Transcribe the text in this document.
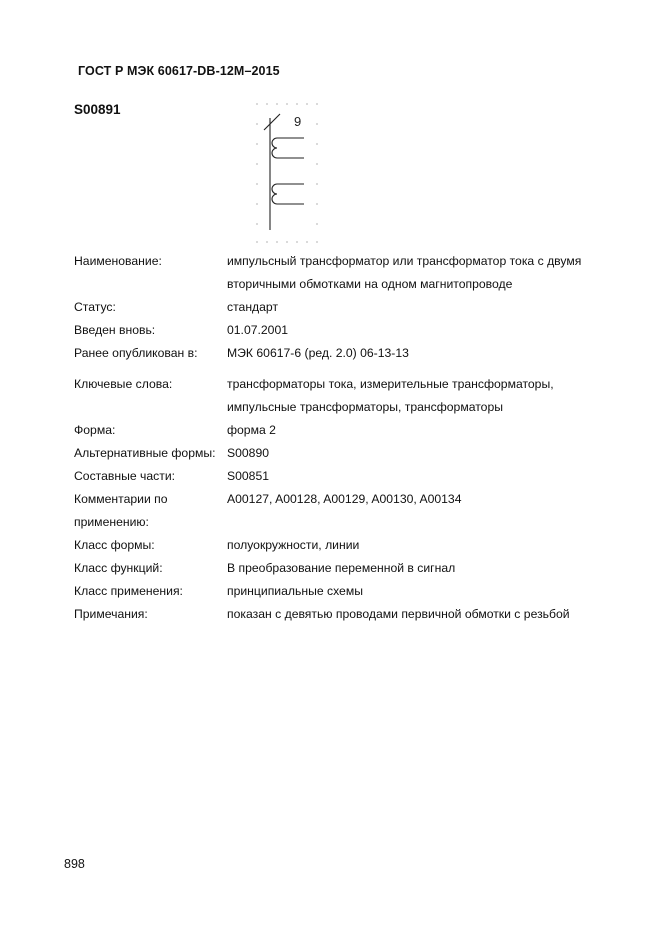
ГОСТ Р МЭК 60617-DB-12M–2015
S00891
9
Наименование:	импульсный трансформатор или трансформатор тока с двумя вторичными обмотками на одном магнитопроводе
Статус:	стандарт
Введен вновь:	01.07.2001
Ранее опубликован в:	МЭК 60617-6 (ред. 2.0) 06-13-13
Ключевые слова:	трансформаторы тока, измерительные трансформаторы, импульсные трансформаторы, трансформаторы
Форма:	форма 2
Альтернативные формы: S00890
Составные части:	S00851
Комментарии по применению:
A00127, A00128, A00129, A00130, A00134
Класс формы:	полуокружности, линии
Класс функций:	В преобразование переменной в сигнал
Класс применения:	принципиальные схемы
Примечания:	показан с девятью проводами первичной обмотки с резьбой
898
